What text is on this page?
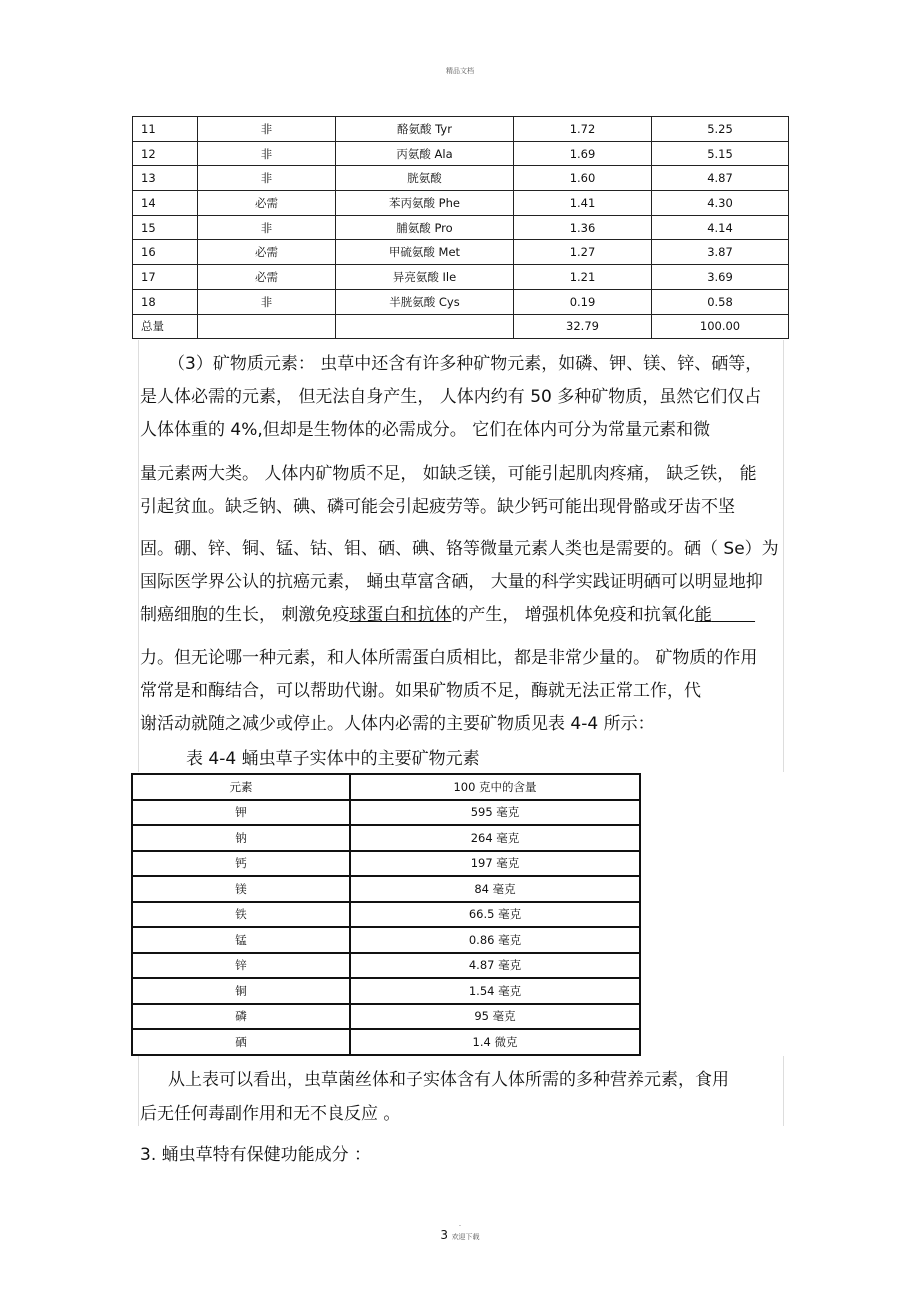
精品文档
11	非	酪氨酸 Tyr	1.72	5.25
12	非	丙氨酸 Ala	1.69	5.15
13	非	胱氨酸	1.60	4.87
14	必需	苯丙氨酸 Phe	1.41	4.30
15	非	脯氨酸 Pro	1.36	4.14
16	必需	甲硫氨酸 Met	1.27	3.87
17	必需	异亮氨酸 Ile	1.21	3.69
18	非	半胱氨酸 Cys	0.19	0.58
总量			32.79	100.00
（3）矿物质元素： 虫草中还含有许多种矿物元素，如磷、钾、镁、锌、硒等，
是人体必需的元素， 但无法自身产生， 人体内约有 50 多种矿物质，虽然它们仅占
人体体重的 4%,但却是生物体的必需成分。 它们在体内可分为常量元素和微
量元素两大类。 人体内矿物质不足， 如缺乏镁，可能引起肌肉疼痛， 缺乏铁， 能
引起贫血。缺乏钠、碘、磷可能会引起疲劳等。缺少钙可能出现骨骼或牙齿不坚
固。硼、锌、铜、锰、钴、钼、硒、碘、铬等微量元素人类也是需要的。硒（ Se）为
国际医学界公认的抗癌元素， 蛹虫草富含硒， 大量的科学实践证明硒可以明显地抑
制癌细胞的生长， 刺激免疫球蛋白和抗体的产生， 增强机体免疫和抗氧化能
力。但无论哪一种元素，和人体所需蛋白质相比，都是非常少量的。 矿物质的作用
常常是和酶结合，可以帮助代谢。如果矿物质不足，酶就无法正常工作，代
谢活动就随之减少或停止。人体内必需的主要矿物质见表 4-4 所示：
表 4-4 蛹虫草子实体中的主要矿物元素
元素	100 克中的含量
钾	595 毫克
钠	264 毫克
钙	197 毫克
镁	84 毫克
铁	66.5 毫克
锰	0.86 毫克
锌	4.87 毫克
铜	1.54 毫克
磷	95 毫克
硒	1.4 微克
从上表可以看出，虫草菌丝体和子实体含有人体所需的多种营养元素，食用
后无任何毒副作用和无不良反应 。
3. 蛹虫草特有保健功能成分 ：
.
3 欢迎下载
